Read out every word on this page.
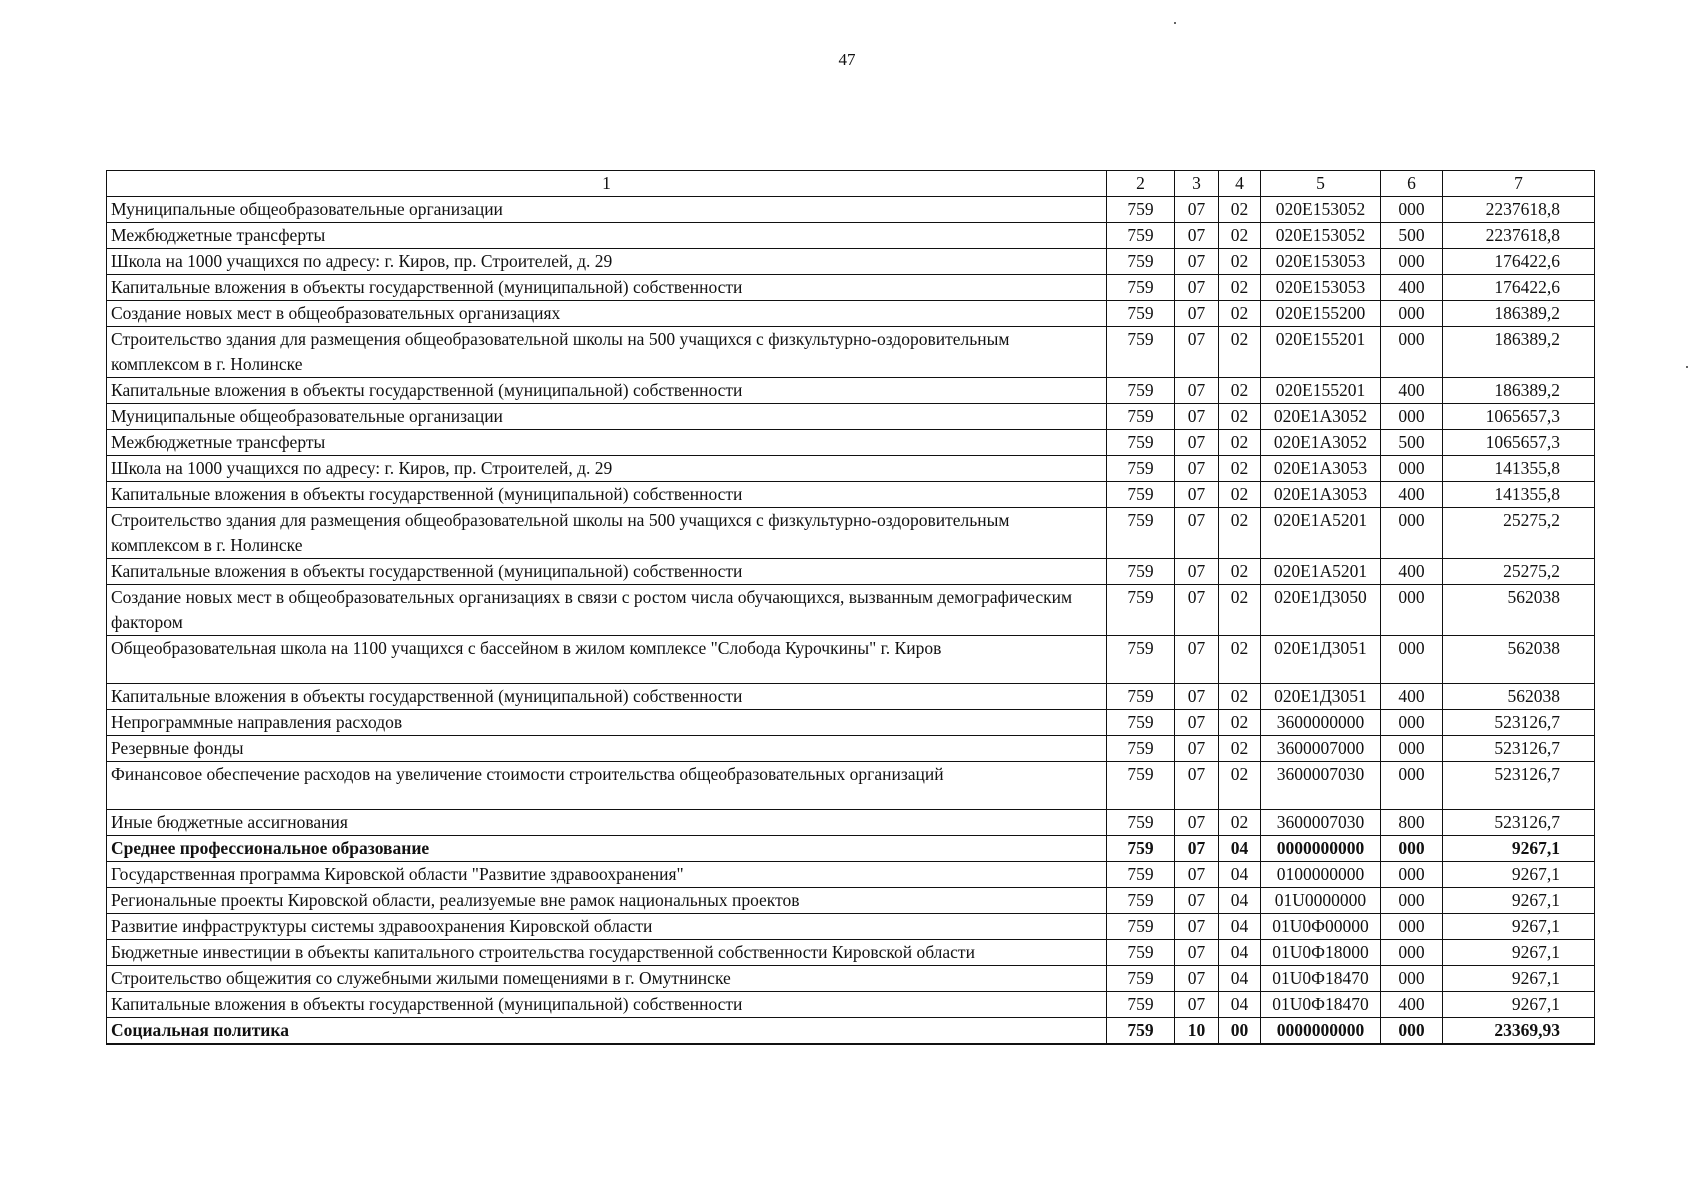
47
1	2	3	4	5	6	7
Муниципальные общеобразовательные организации	759	07	02	020E153052	000	2237618,8
Межбюджетные трансферты	759	07	02	020E153052	500	2237618,8
Школа на 1000 учащихся по адресу: г. Киров, пр. Строителей, д. 29	759	07	02	020E153053	000	176422,6
Капитальные вложения в объекты государственной (муниципальной) собственности	759	07	02	020E153053	400	176422,6
Создание новых мест в общеобразовательных организациях	759	07	02	020E155200	000	186389,2
Строительство здания для размещения общеобразовательной школы на 500 учащихся с физкультурно-оздоровительным комплексом в г. Нолинске	759	07	02	020E155201	000	186389,2
Капитальные вложения в объекты государственной (муниципальной) собственности	759	07	02	020E155201	400	186389,2
Муниципальные общеобразовательные организации	759	07	02	020E1A3052	000	1065657,3
Межбюджетные трансферты	759	07	02	020E1A3052	500	1065657,3
Школа на 1000 учащихся по адресу: г. Киров, пр. Строителей, д. 29	759	07	02	020E1A3053	000	141355,8
Капитальные вложения в объекты государственной (муниципальной) собственности	759	07	02	020E1A3053	400	141355,8
Строительство здания для размещения общеобразовательной школы на 500 учащихся с физкультурно-оздоровительным комплексом в г. Нолинске	759	07	02	020E1A5201	000	25275,2
Капитальные вложения в объекты государственной (муниципальной) собственности	759	07	02	020E1A5201	400	25275,2
Создание новых мест в общеобразовательных организациях в связи с ростом числа обучающихся, вызванным демографическим фактором	759	07	02	020E1Д3050	000	562038
Общеобразовательная школа на 1100 учащихся с бассейном в жилом комплексе "Слобода Курочкины" г. Киров	759	07	02	020E1Д3051	000	562038
Капитальные вложения в объекты государственной (муниципальной) собственности	759	07	02	020E1Д3051	400	562038
Непрограммные направления расходов	759	07	02	3600000000	000	523126,7
Резервные фонды	759	07	02	3600007000	000	523126,7
Финансовое обеспечение расходов на увеличение стоимости строительства общеобразовательных организаций	759	07	02	3600007030	000	523126,7
Иные бюджетные ассигнования	759	07	02	3600007030	800	523126,7
Среднее профессиональное образование	759	07	04	0000000000	000	9267,1
Государственная программа Кировской области "Развитие здравоохранения"	759	07	04	0100000000	000	9267,1
Региональные проекты Кировской области, реализуемые вне рамок национальных проектов	759	07	04	01U0000000	000	9267,1
Развитие инфраструктуры системы здравоохранения Кировской области	759	07	04	01U0Ф00000	000	9267,1
Бюджетные инвестиции в объекты капитального строительства государственной собственности Кировской области	759	07	04	01U0Ф18000	000	9267,1
Строительство общежития со служебными жилыми помещениями в г. Омутнинске	759	07	04	01U0Ф18470	000	9267,1
Капитальные вложения в объекты государственной (муниципальной) собственности	759	07	04	01U0Ф18470	400	9267,1
Социальная политика	759	10	00	0000000000	000	23369,93
